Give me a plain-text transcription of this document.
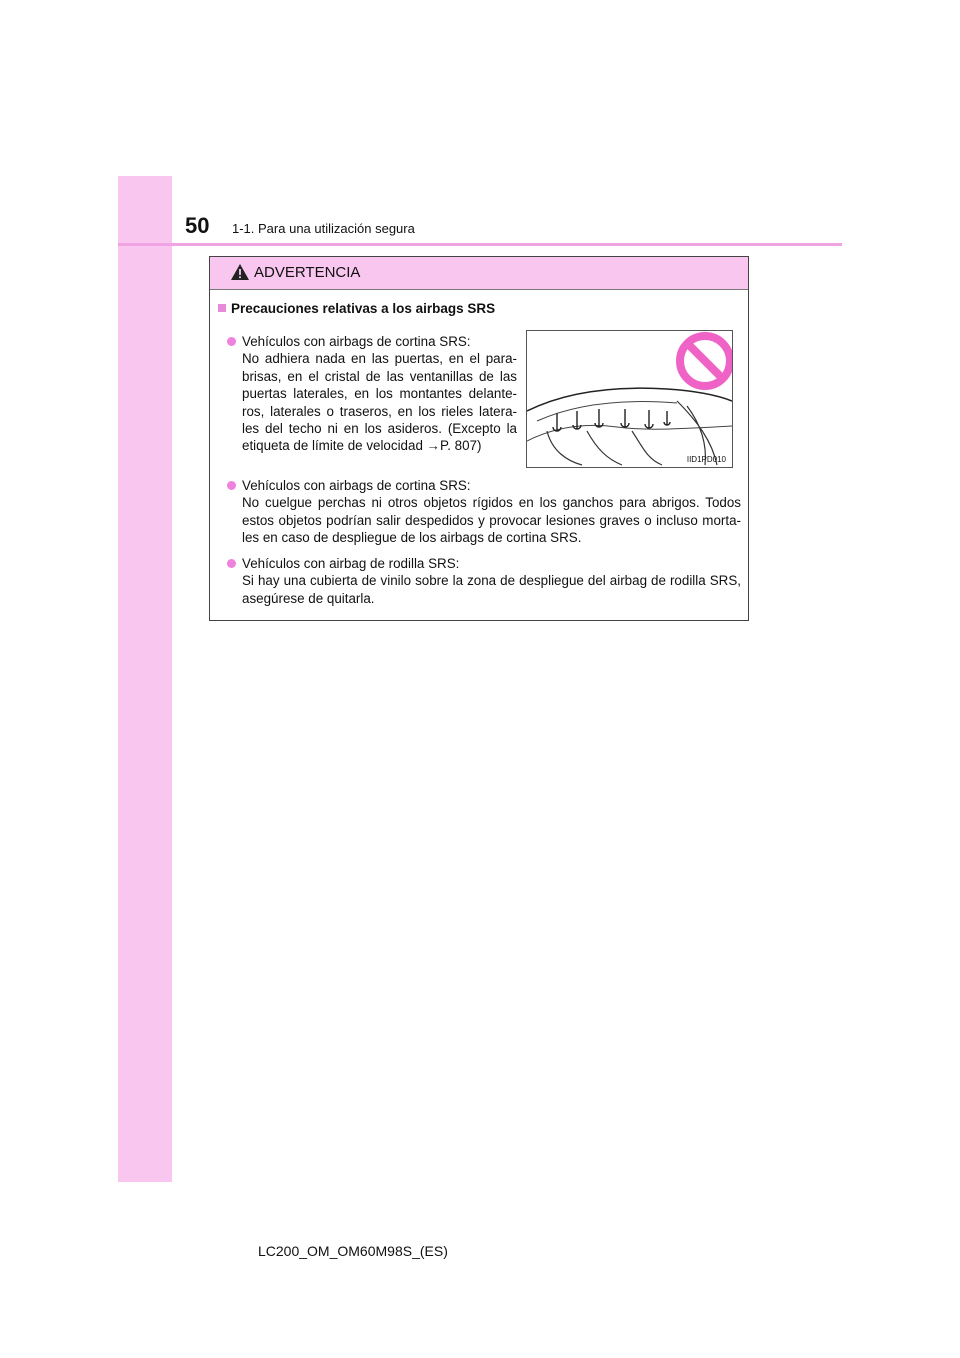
50 1-1. Para una utilización segura
ADVERTENCIA
Precauciones relativas a los airbags SRS
Vehículos con airbags de cortina SRS:
No adhiera nada en las puertas, en el para-brisas, en el cristal de las ventanillas de las puertas laterales, en los montantes delante-ros, laterales o traseros, en los rieles latera-les del techo ni en los asideros. (Excepto la etiqueta de límite de velocidad →P. 807)
IID1PD010
Vehículos con airbags de cortina SRS:
No cuelgue perchas ni otros objetos rígidos en los ganchos para abrigos. Todos estos objetos podrían salir despedidos y provocar lesiones graves o incluso morta-les en caso de despliegue de los airbags de cortina SRS.
Vehículos con airbag de rodilla SRS:
Si hay una cubierta de vinilo sobre la zona de despliegue del airbag de rodilla SRS, asegúrese de quitarla.
LC200_OM_OM60M98S_(ES)
